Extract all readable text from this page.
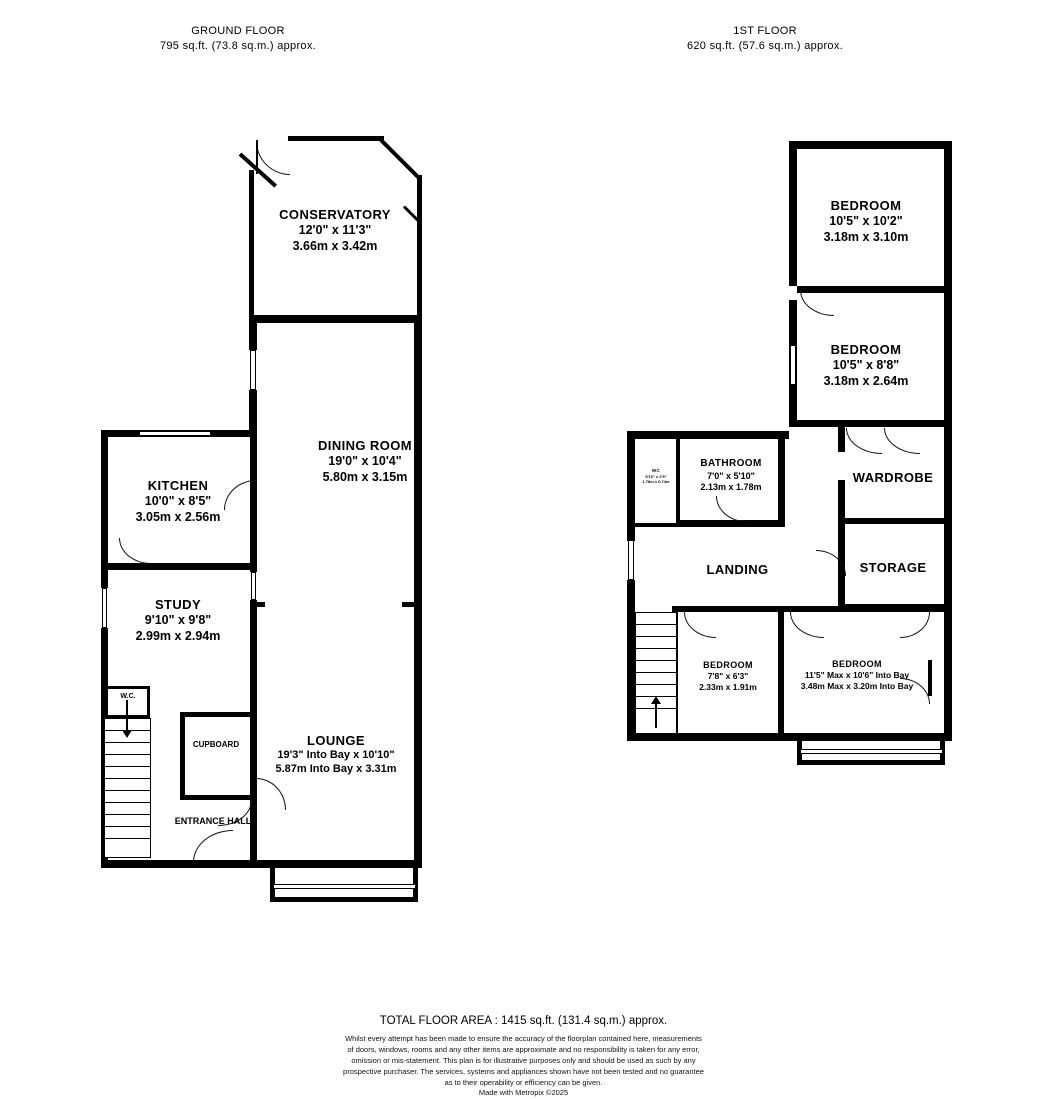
GROUND FLOOR
795 sq.ft. (73.8 sq.m.) approx.
1ST FLOOR
620 sq.ft. (57.6 sq.m.) approx.
CONSERVATORY
12'0" x 11'3"
3.66m x 3.42m
W.C.
DINING ROOM
19'0" x 10'4"
5.80m x 3.15m
KITCHEN
10'0" x 8'5"
3.05m x 2.56m
STUDY
9'10" x 9'8"
2.99m x 2.94m
LOUNGE
19'3" Into Bay x 10'10"
5.87m Into Bay x 3.31m
CUPBOARD
ENTRANCE HALL
WC
5'10" x 2'5"
1.78m x 0.74m
BATHROOM
7'0" x 5'10"
2.13m x 1.78m
WARDROBE
STORAGE
LANDING
DOWN
BEDROOM
10'5" x 10'2"
3.18m x 3.10m
BEDROOM
10'5" x 8'8"
3.18m x 2.64m
BEDROOM
7'8" x 6'3"
2.33m x 1.91m
BEDROOM
11'5" Max x 10'6" Into Bay
3.48m Max x 3.20m Into Bay
TOTAL FLOOR AREA : 1415 sq.ft. (131.4 sq.m.) approx.
Whilst every attempt has been made to ensure the accuracy of the floorplan contained here, measurements
of doors, windows, rooms and any other items are approximate and no responsibility is taken for any error,
omission or mis-statement. This plan is for illustrative purposes only and should be used as such by any
prospective purchaser. The services, systems and appliances shown have not been tested and no guarantee
as to their operability or efficiency can be given.
Made with Metropix ©2025
